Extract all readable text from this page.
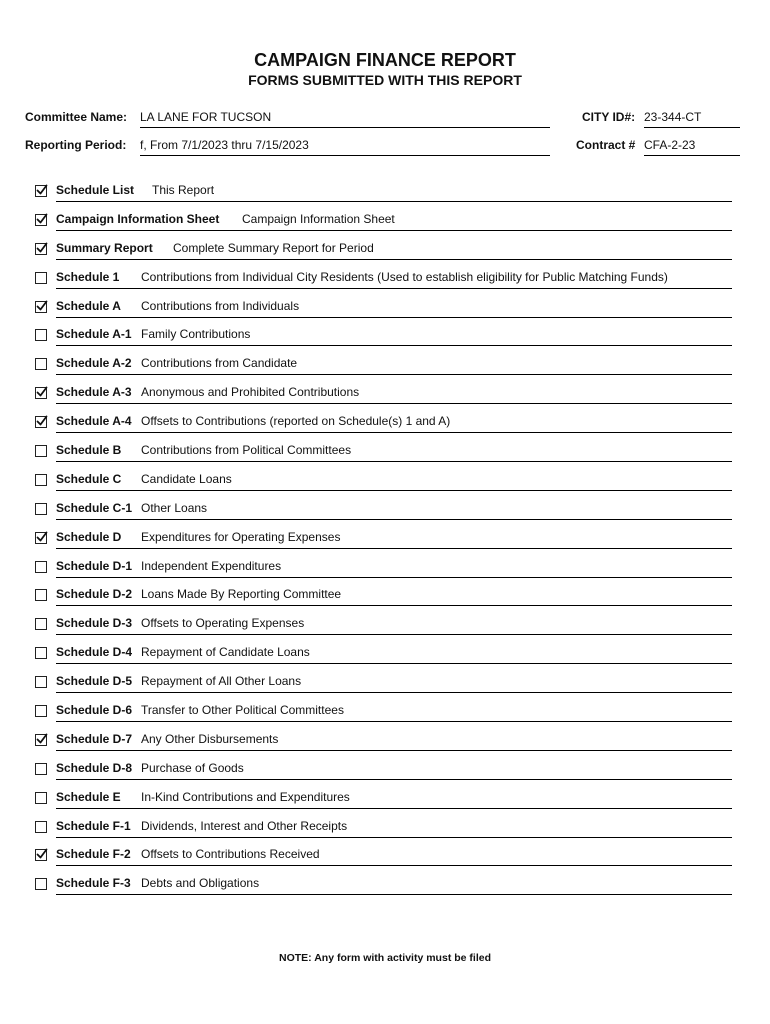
CAMPAIGN FINANCE REPORT
FORMS SUBMITTED WITH THIS REPORT
Committee Name: LA LANE FOR TUCSON	CITY ID#: 23-344-CT
Reporting Period: f, From 7/1/2023 thru 7/15/2023	Contract # CFA-2-23
Schedule List This Report
Campaign Information Sheet Campaign Information Sheet
Summary Report Complete Summary Report for Period
Schedule 1 Contributions from Individual City Residents (Used to establish eligibility for Public Matching Funds)
Schedule A Contributions from Individuals
Schedule A-1 Family Contributions
Schedule A-2 Contributions from Candidate
Schedule A-3 Anonymous and Prohibited Contributions
Schedule A-4 Offsets to Contributions (reported on Schedule(s) 1 and A)
Schedule B Contributions from Political Committees
Schedule C Candidate Loans
Schedule C-1 Other Loans
Schedule D Expenditures for Operating Expenses
Schedule D-1 Independent Expenditures
Schedule D-2 Loans Made By Reporting Committee
Schedule D-3 Offsets to Operating Expenses
Schedule D-4 Repayment of Candidate Loans
Schedule D-5 Repayment of All Other Loans
Schedule D-6 Transfer to Other Political Committees
Schedule D-7 Any Other Disbursements
Schedule D-8 Purchase of Goods
Schedule E In-Kind Contributions and Expenditures
Schedule F-1 Dividends, Interest and Other Receipts
Schedule F-2 Offsets to Contributions Received
Schedule F-3 Debts and Obligations
NOTE: Any form with activity must be filed
